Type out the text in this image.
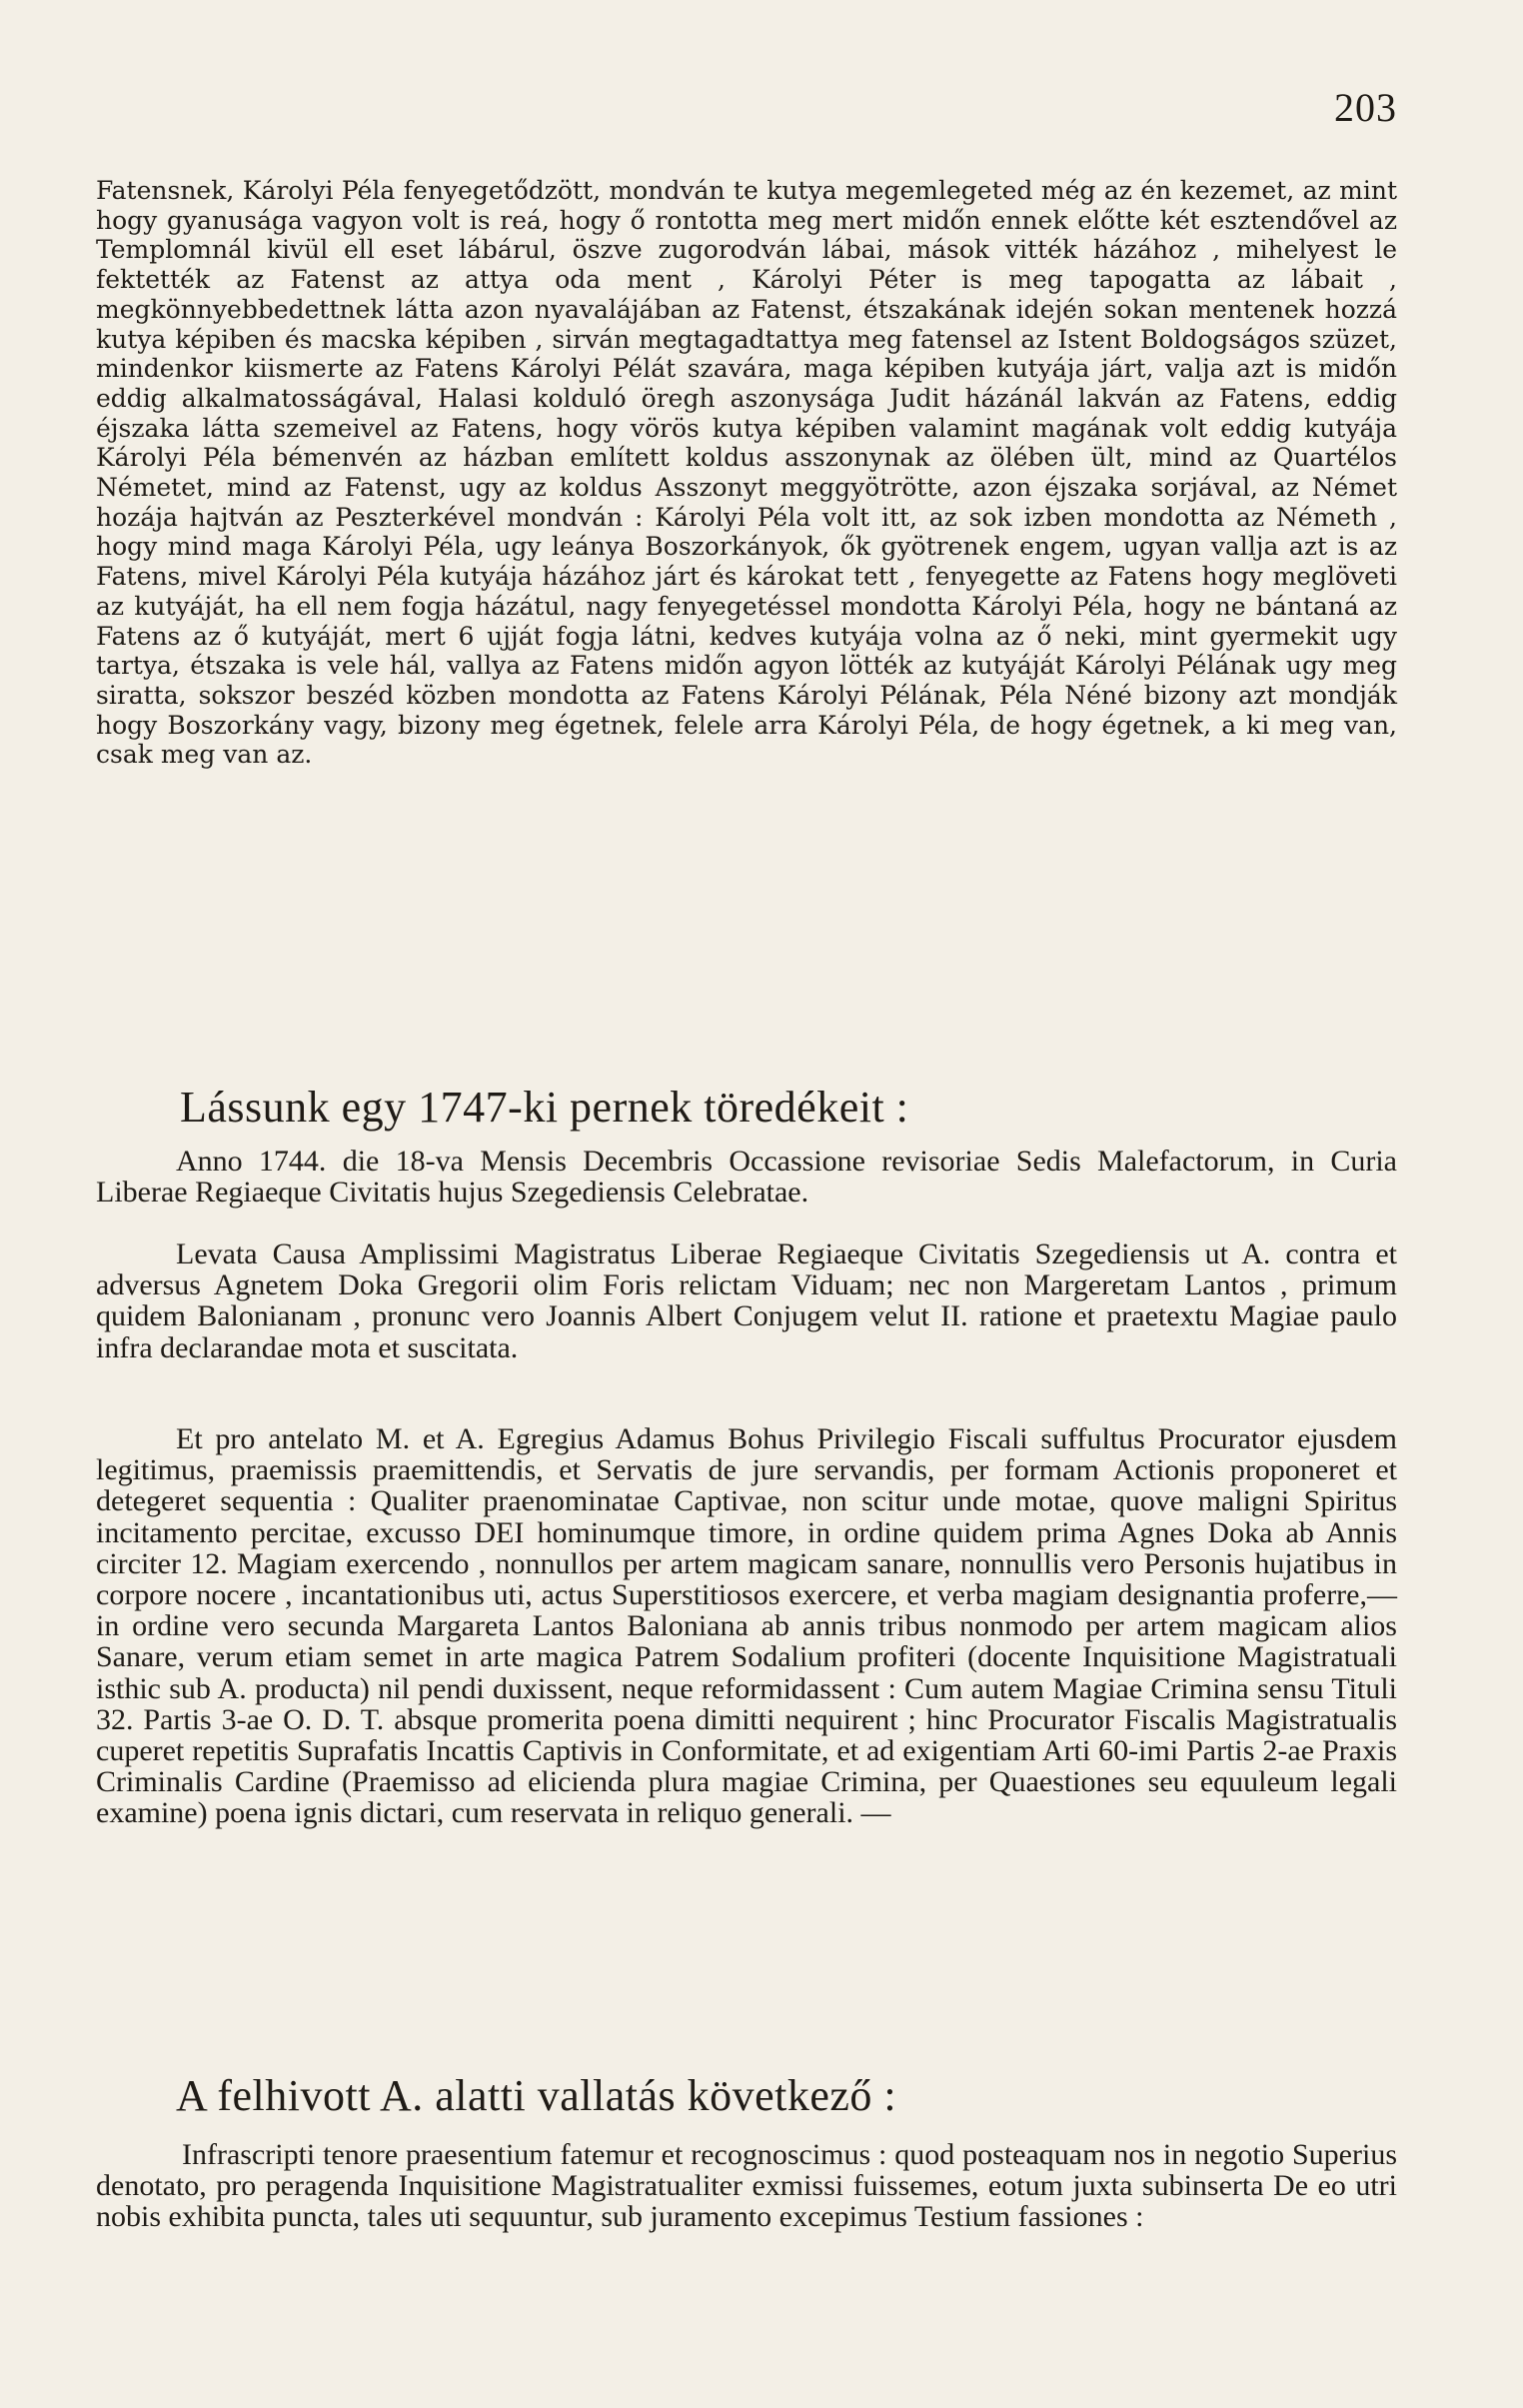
203

Fatensnek, Károlyi Péla fenyegetődzött, mondván te kutya megemlegeted még az én kezemet, az mint hogy gyanusága vagyon volt is reá, hogy ő rontotta meg mert midőn ennek előtte két esztendővel az Templomnál kivül ell eset lábárul, öszve zugorodván lábai, mások vitték házához , mihelyest le fektették az Fatenst az attya oda ment , Károlyi Péter is meg tapogatta az lábait , megkönnyebbedettnek látta azon nyavalájában az Fatenst, étszakának idején sokan mentenek hozzá kutya képiben és macska képiben , sirván megtagadtattya meg fatensel az Istent Boldogságos szüzet, mindenkor kiismerte az Fatens Károlyi Pélát szavára, maga képiben kutyája járt, valja azt is midőn eddig alkalmatosságával, Halasi kolduló öregh aszonysága Judit házánál lakván az Fatens, eddig éjszaka látta szemeivel az Fatens, hogy vörös kutya képiben valamint magának volt eddig kutyája Károlyi Péla bémenvén az házban említett koldus asszonynak az ölében ült, mind az Quartélos Németet, mind az Fatenst, ugy az koldus Asszonyt meggyötrötte, azon éjszaka sorjával, az Német hozája hajtván az Peszterkével mondván : Károlyi Péla volt itt, az sok izben mondotta az Németh , hogy mind maga Károlyi Péla, ugy leánya Boszorkányok, ők gyötrenek engem, ugyan vallja azt is az Fatens, mivel Károlyi Péla kutyája házához járt és károkat tett , fenyegette az Fatens hogy meglöveti az kutyáját, ha ell nem fogja házátul, nagy fenyegetéssel mondotta Károlyi Péla, hogy ne bántaná az Fatens az ő kutyáját, mert 6 ujját fogja látni, kedves kutyája volna az ő neki, mint gyermekit ugy tartya, étszaka is vele hál, vallya az Fatens midőn agyon lötték az kutyáját Károlyi Pélának ugy meg siratta, sokszor beszéd közben mondotta az Fatens Károlyi Pélának, Péla Néné bizony azt mondják hogy Boszorkány vagy, bizony meg égetnek, felele arra Károlyi Péla, de hogy égetnek, a ki meg van, csak meg van az.

Lássunk egy 1747-ki pernek töredékeit :

Anno 1744. die 18-va Mensis Decembris Occassione revisoriae Sedis Malefactorum, in Curia Liberae Regiaeque Civitatis hujus Szegediensis Celebratae.

Levata Causa Amplissimi Magistratus Liberae Regiaeque Civitatis Szegediensis ut A. contra et adversus Agnetem Doka Gregorii olim Foris relictam Viduam; nec non Margeretam Lantos , primum quidem Balonianam , pronunc vero Joannis Albert Conjugem velut II. ratione et praetextu Magiae paulo infra declarandae mota et suscitata.

Et pro antelato M. et A. Egregius Adamus Bohus Privilegio Fiscali suffultus Procurator ejusdem legitimus, praemissis praemittendis, et Servatis de jure servandis, per formam Actionis proponeret et detegeret sequentia : Qualiter praenominatae Captivae, non scitur unde motae, quove maligni Spiritus incitamento percitae, excusso DEI hominumque timore, in ordine quidem prima Agnes Doka ab Annis circiter 12. Magiam exercendo , nonnullos per artem magicam sanare, nonnullis vero Personis hujatibus in corpore nocere , incantationibus uti, actus Superstitiosos exercere, et verba magiam designantia proferre,— in ordine vero secunda Margareta Lantos Baloniana ab annis tribus nonmodo per artem magicam alios Sanare, verum etiam semet in arte magica Patrem Sodalium profiteri (docente Inquisitione Magistratuali isthic sub A. producta) nil pendi duxissent, neque reformidassent : Cum autem Magiae Crimina sensu Tituli 32. Partis 3-ae O. D. T. absque promerita poena dimitti nequirent ; hinc Procurator Fiscalis Magistratualis cuperet repetitis Suprafatis Incattis Captivis in Conformitate, et ad exigentiam Arti 60-imi Partis 2-ae Praxis Criminalis Cardine (Praemisso ad elicienda plura magiae Crimina, per Quaestiones seu equuleum legali examine) poena ignis dictari, cum reservata in reliquo generali. —

A felhivott A. alatti vallatás következő :

Infrascripti tenore praesentium fatemur et recognoscimus : quod posteaquam nos in negotio Superius denotato, pro peragenda Inquisitione Magistratualiter exmissi fuissemes, eotum juxta subinserta De eo utri nobis exhibita puncta, tales uti sequuntur, sub juramento excepimus Testium fassiones :
